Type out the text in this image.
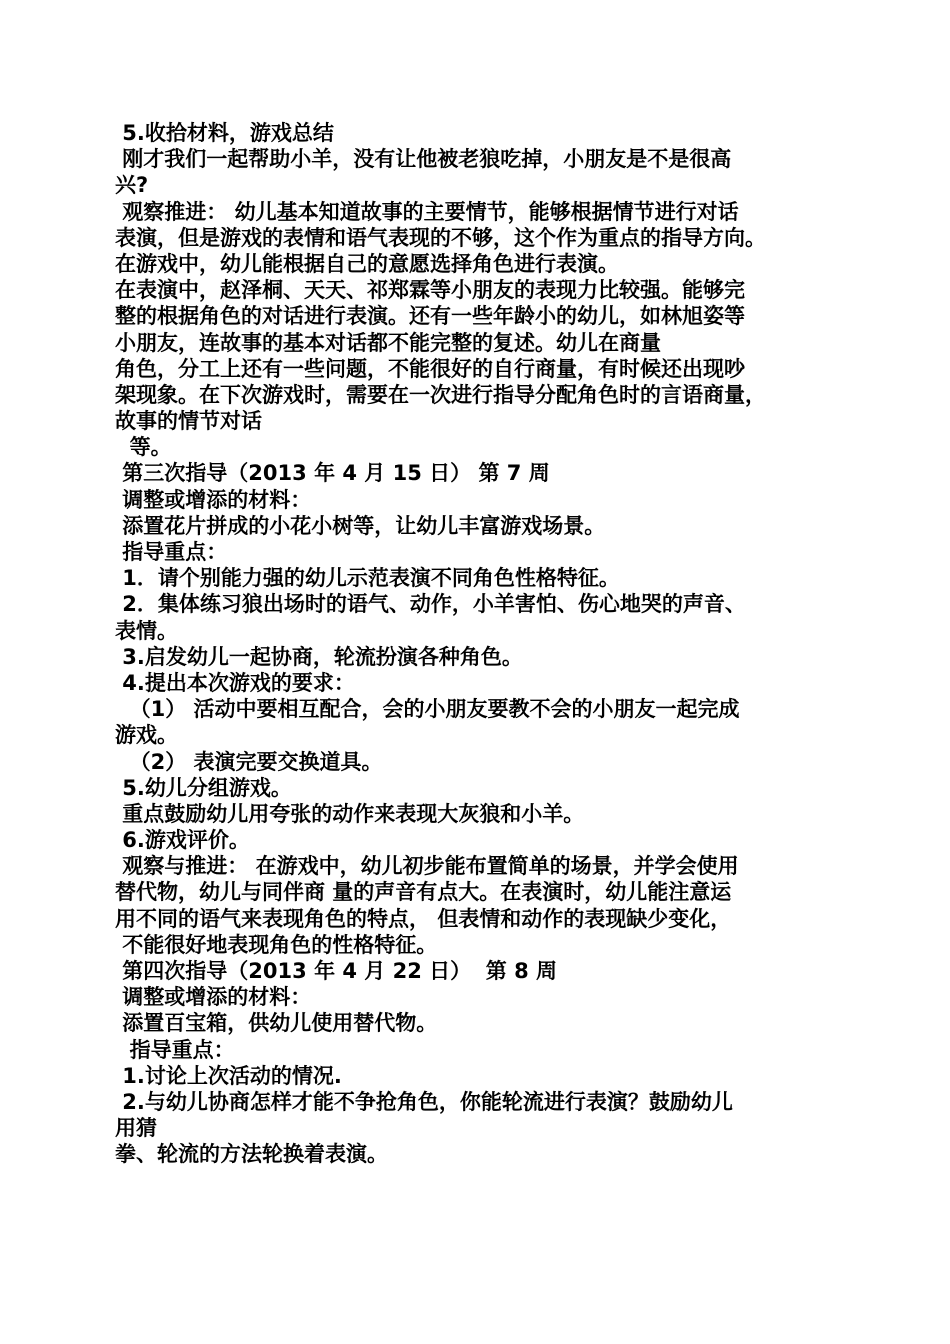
5.收拾材料，游戏总结
刚才我们一起帮助小羊，没有让他被老狼吃掉，小朋友是不是很高
兴?
观察推进： 幼儿基本知道故事的主要情节，能够根据情节进行对话
表演，但是游戏的表情和语气表现的不够，这个作为重点的指导方向。
在游戏中，幼儿能根据自己的意愿选择角色进行表演。
在表演中，赵泽桐、天天、祁郑霖等小朋友的表现力比较强。能够完
整的根据角色的对话进行表演。还有一些年龄小的幼儿，如林旭姿等
小朋友，连故事的基本对话都不能完整的复述。幼儿在商量
角色，分工上还有一些问题，不能很好的自行商量，有时候还出现吵
架现象。在下次游戏时，需要在一次进行指导分配角色时的言语商量，
故事的情节对话
等。
第三次指导（2013 年 4 月 15 日） 第 7 周
调整或增添的材料：
添置花片拼成的小花小树等，让幼儿丰富游戏场景。
指导重点：
1．请个别能力强的幼儿示范表演不同角色性格特征。
2．集体练习狼出场时的语气、动作，小羊害怕、伤心地哭的声音、
表情。
3.启发幼儿一起协商，轮流扮演各种角色。
4.提出本次游戏的要求：
（1） 活动中要相互配合，会的小朋友要教不会的小朋友一起完成
游戏。
（2） 表演完要交换道具。
5.幼儿分组游戏。
重点鼓励幼儿用夸张的动作来表现大灰狼和小羊。
6.游戏评价。
观察与推进： 在游戏中，幼儿初步能布置简单的场景，并学会使用
替代物，幼儿与同伴商 量的声音有点大。在表演时，幼儿能注意运
用不同的语气来表现角色的特点， 但表情和动作的表现缺少变化，
不能很好地表现角色的性格特征。
第四次指导（2013 年 4 月 22 日）  第 8 周
调整或增添的材料：
添置百宝箱，供幼儿使用替代物。
指导重点：
1.讨论上次活动的情况.
2.与幼儿协商怎样才能不争抢角色，你能轮流进行表演？鼓励幼儿
用猜
拳、轮流的方法轮换着表演。
